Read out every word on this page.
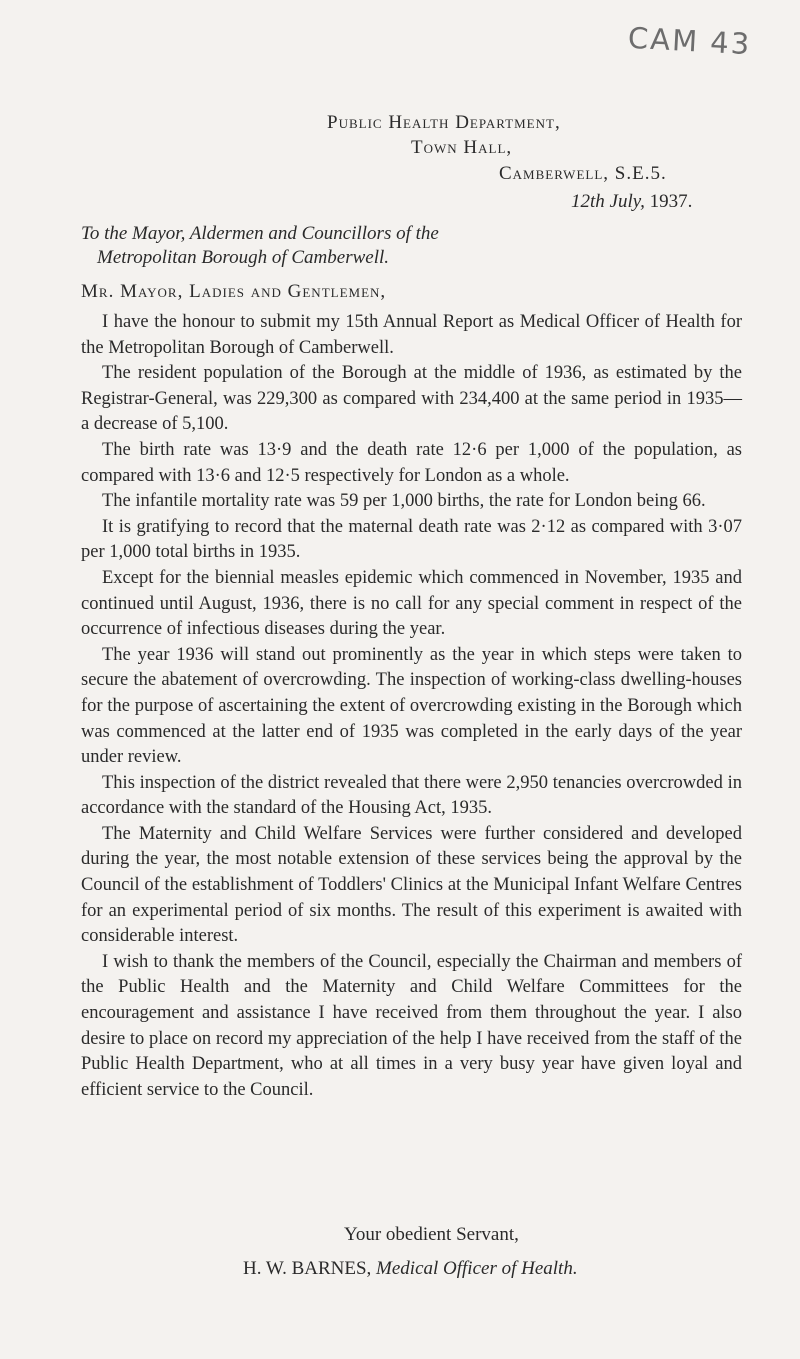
CAM 43
Public Health Department,
Town Hall,
Camberwell, S.E.5.
12th July, 1937.
To the Mayor, Aldermen and Councillors of the
Metropolitan Borough of Camberwell.
Mr. Mayor, Ladies and Gentlemen,

I have the honour to submit my 15th Annual Report as Medical Officer of Health for the Metropolitan Borough of Camberwell.

The resident population of the Borough at the middle of 1936, as estimated by the Registrar-General, was 229,300 as compared with 234,400 at the same period in 1935—a decrease of 5,100.

The birth rate was 13·9 and the death rate 12·6 per 1,000 of the population, as compared with 13·6 and 12·5 respectively for London as a whole.

The infantile mortality rate was 59 per 1,000 births, the rate for London being 66.

It is gratifying to record that the maternal death rate was 2·12 as compared with 3·07 per 1,000 total births in 1935.

Except for the biennial measles epidemic which commenced in November, 1935 and continued until August, 1936, there is no call for any special comment in respect of the occurrence of infectious diseases during the year.

The year 1936 will stand out prominently as the year in which steps were taken to secure the abatement of overcrowding. The inspection of working-class dwelling-houses for the purpose of ascertaining the extent of overcrowding existing in the Borough which was commenced at the latter end of 1935 was completed in the early days of the year under review.

This inspection of the district revealed that there were 2,950 tenancies overcrowded in accordance with the standard of the Housing Act, 1935.

The Maternity and Child Welfare Services were further considered and developed during the year, the most notable extension of these services being the approval by the Council of the establishment of Toddlers' Clinics at the Municipal Infant Welfare Centres for an experimental period of six months. The result of this experiment is awaited with considerable interest.

I wish to thank the members of the Council, especially the Chairman and members of the Public Health and the Maternity and Child Welfare Committees for the encouragement and assistance I have received from them throughout the year. I also desire to place on record my appreciation of the help I have received from the staff of the Public Health Department, who at all times in a very busy year have given loyal and efficient service to the Council.

Your obedient Servant,
H. W. BARNES, Medical Officer of Health.
